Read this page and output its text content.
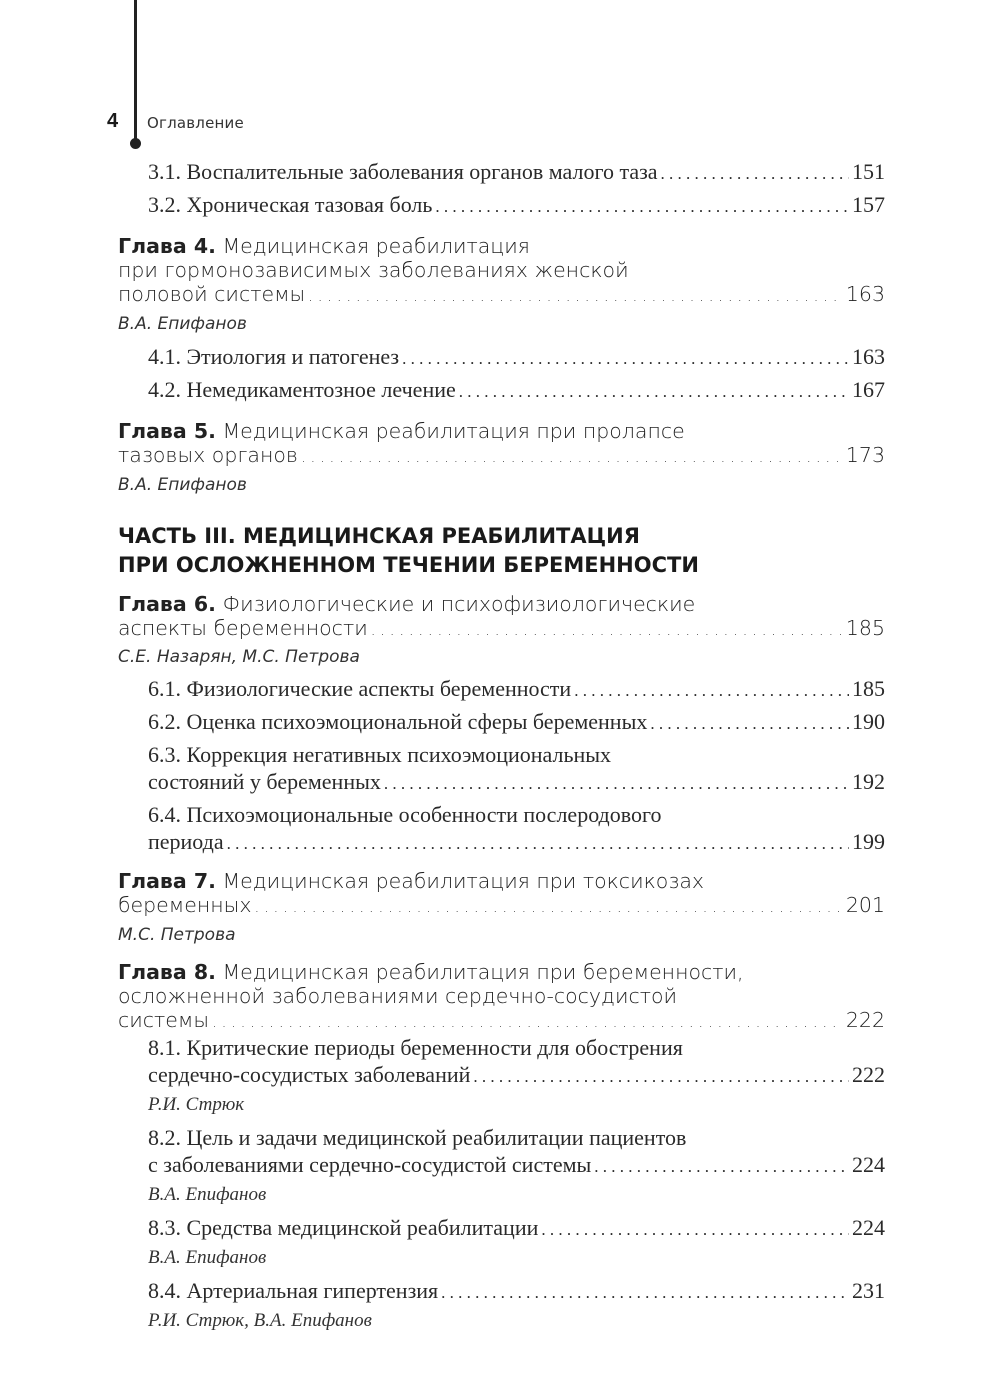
4 Оглавление
3.1. Воспалительные заболевания органов малого таза . . .	151
3.2. Хроническая тазовая боль . . .	157
Глава 4. Медицинская реабилитация
при гормонозависимых заболеваниях женской
половой системы . . .	163
В.А. Епифанов
4.1. Этиология и патогенез . . .	163
4.2. Немедикаментозное лечение . . .	167
Глава 5. Медицинская реабилитация при пролапсе
тазовых органов . . .	173
В.А. Епифанов
ЧАСТЬ III. МЕДИЦИНСКАЯ РЕАБИЛИТАЦИЯ
ПРИ ОСЛОЖНЕННОМ ТЕЧЕНИИ БЕРЕМЕННОСТИ
Глава 6. Физиологические и психофизиологические
аспекты беременности . . .	185
С.Е. Назарян, М.С. Петрова
6.1. Физиологические аспекты беременности . . .	185
6.2. Оценка психоэмоциональной сферы беременных . . .	190
6.3. Коррекция негативных психоэмоциональных
состояний у беременных . . .	192
6.4. Психоэмоциональные особенности послеродового
периода . . .	199
Глава 7. Медицинская реабилитация при токсикозах
беременных . . .	201
М.С. Петрова
Глава 8. Медицинская реабилитация при беременности,
осложненной заболеваниями сердечно-сосудистой
системы . . .	222
8.1. Критические периоды беременности для обострения
сердечно-сосудистых заболеваний . . .	222
Р.И. Стрюк
8.2. Цель и задачи медицинской реабилитации пациентов
с заболеваниями сердечно-сосудистой системы . . .	224
В.А. Епифанов
8.3. Средства медицинской реабилитации . . .	224
В.А. Епифанов
8.4. Артериальная гипертензия . . .	231
Р.И. Стрюк, В.А. Епифанов
